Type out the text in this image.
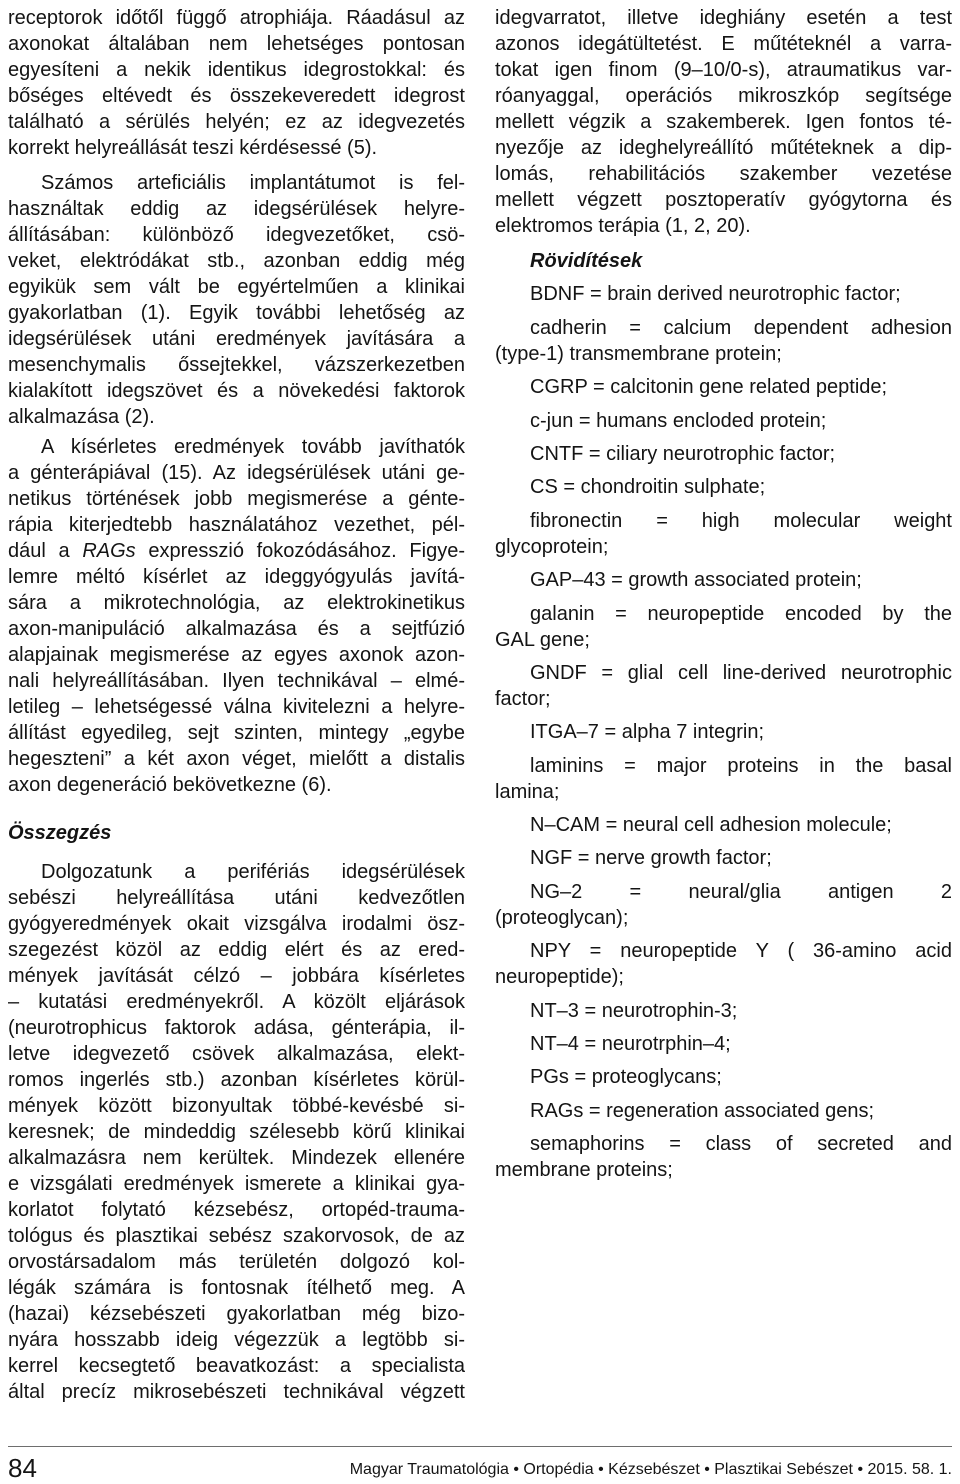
receptorok időtől függő atrophiája. Ráadásul az
axonokat általában nem lehetséges pontosan
egyesíteni a nekik identikus idegrostokkal: és
bőséges eltévedt és összekeveredett idegrost
található a sérülés helyén; ez az idegvezetés
korrekt helyreállását teszi kérdésessé (5).
Számos arteficiális implantátumot is fel-
használtak eddig az idegsérülések helyre-
állításában: különböző idegvezetőket, csö-
veket, elektródákat stb., azonban eddig még
egyikük sem vált be egyértelműen a klinikai
gyakorlatban (1). Egyik további lehetőség az
idegsérülések utáni eredmények javítására a
mesenchymalis őssejtekkel, vázszerkezetben
kialakított idegszövet és a növekedési faktorok
alkalmazása (2).
A kísérletes eredmények tovább javíthatók
a génterápiával (15). Az idegsérülések utáni ge-
netikus történések jobb megismerése a génte-
rápia kiterjedtebb használatához vezethet, pél-
dául a RAGs expresszió fokozódásához. Figye-
lemre méltó kísérlet az ideggyógyulás javítá-
sára a mikrotechnológia, az elektrokinetikus
axon-manipuláció alkalmazása és a sejtfúzió
alapjainak megismerése az egyes axonok azon-
nali helyreállításában. Ilyen technikával – elmé-
letileg – lehetségessé válna kivitelezni a helyre-
állítást egyedileg, sejt szinten, mintegy „egybe
hegeszteni” a két axon véget, mielőtt a distalis
axon degeneráció bekövetkezne (6).
Összegzés
Dolgozatunk a perifériás idegsérülések
sebészi helyreállítása utáni kedvezőtlen
gyógyeredmények okait vizsgálva irodalmi ösz-
szegezést közöl az eddig elért és az ered-
mények javítását célzó – jobbára kísérletes
– kutatási eredményekről. A közölt eljárások
(neurotrophicus faktorok adása, génterápia, il-
letve idegvezető csövek alkalmazása, elekt-
romos ingerlés stb.) azonban kísérletes körül-
mények között bizonyultak többé-kevésbé si-
keresnek; de mindeddig szélesebb körű klinikai
alkalmazásra nem kerültek. Mindezek ellenére
e vizsgálati eredmények ismerete a klinikai gya-
korlatot folytató kézsebész, ortopéd-trauma-
tológus és plasztikai sebész szakorvosok, de az
orvostársadalom más területén dolgozó kol-
légák számára is fontosnak ítélhető meg. A
(hazai) kézsebészeti gyakorlatban még bizo-
nyára hosszabb ideig végezzük a legtöbb si-
kerrel kecsegtető beavatkozást: a specialista
által precíz mikrosebészeti technikával végzett
idegvarratot, illetve ideghiány esetén a test
azonos idegátültetést. E műtéteknél a varra-
tokat igen finom (9–10/0-s), atraumatikus var-
róanyaggal, operációs mikroszkóp segítsége
mellett végzik a szakemberek. Igen fontos té-
nyezője az ideghelyreállító műtéteknek a dip-
lomás, rehabilitációs szakember vezetése
mellett végzett posztoperatív gyógytorna és
elektromos terápia (1, 2, 20).
Rövidítések
BDNF = brain derived neurotrophic factor;
cadherin = calcium dependent adhesion
(type-1) transmembrane protein;
CGRP = calcitonin gene related peptide;
c-jun = humans encloded protein;
CNTF = ciliary neurotrophic factor;
CS = chondroitin sulphate;
fibronectin = high molecular weight
glycoprotein;
GAP–43 = growth associated protein;
galanin = neuropeptide encoded by the
GAL gene;
GNDF = glial cell line-derived neurotrophic
factor;
ITGA–7 = alpha 7 integrin;
laminins = major proteins in the basal
lamina;
N–CAM = neural cell adhesion molecule;
NGF = nerve growth factor;
NG–2 = neural/glia antigen 2
(proteoglycan);
NPY = neuropeptide Y ( 36-amino acid
neuropeptide);
NT–3 = neurotrophin-3;
NT–4 = neurotrphin–4;
PGs = proteoglycans;
RAGs = regeneration associated gens;
semaphorins = class of secreted and
membrane proteins;
84	Magyar Traumatológia • Ortopédia • Kézsebészet • Plasztikai Sebészet • 2015. 58. 1.
